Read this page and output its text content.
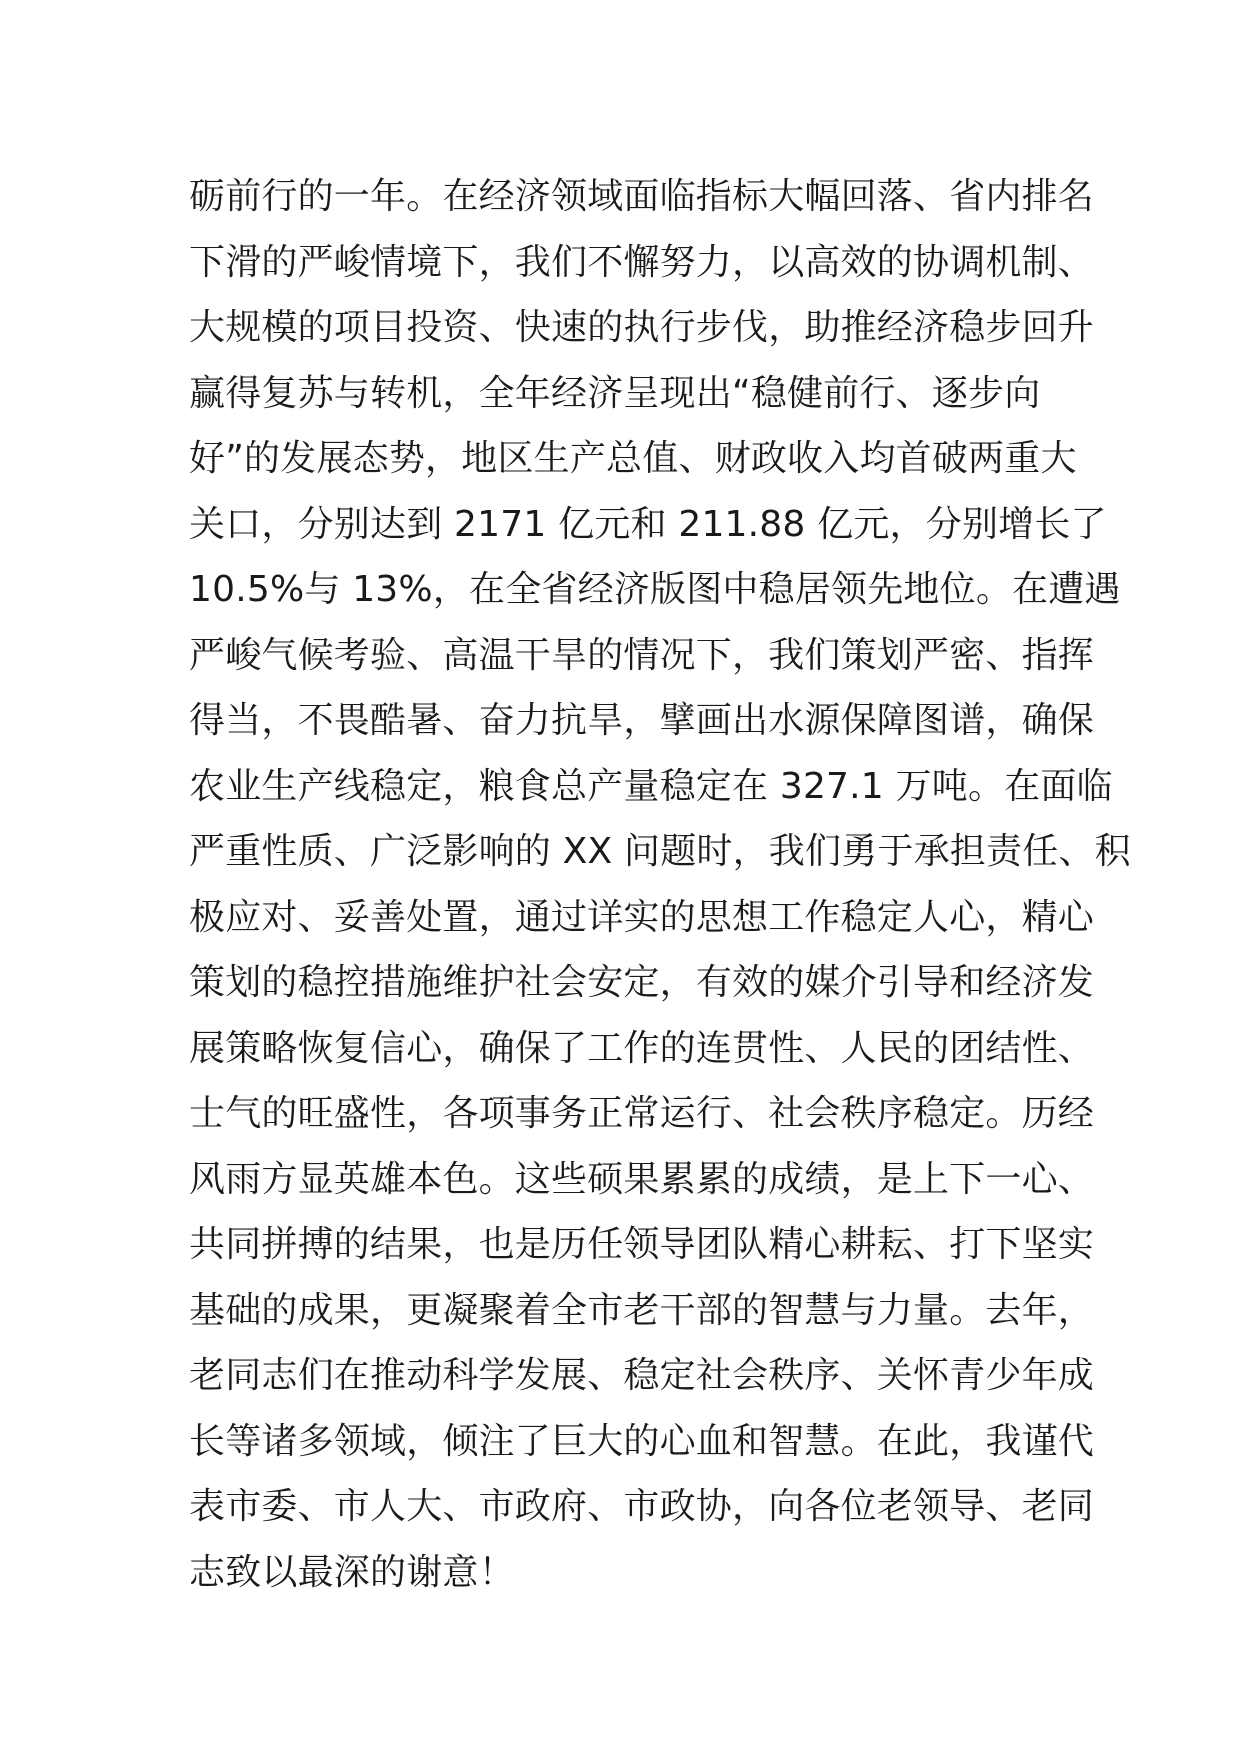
砺前行的一年。在经济领域面临指标大幅回落、省内排名
下滑的严峻情境下，我们不懈努力，以高效的协调机制、
大规模的项目投资、快速的执行步伐，助推经济稳步回升
赢得复苏与转机，全年经济呈现出“稳健前行、逐步向
好”的发展态势，地区生产总值、财政收入均首破两重大
关口，分别达到 2171 亿元和 211.88 亿元，分别增长了
10.5%与 13%，在全省经济版图中稳居领先地位。在遭遇
严峻气候考验、高温干旱的情况下，我们策划严密、指挥
得当，不畏酷暑、奋力抗旱，擘画出水源保障图谱，确保
农业生产线稳定，粮食总产量稳定在 327.1 万吨。在面临
严重性质、广泛影响的 XX 问题时，我们勇于承担责任、积
极应对、妥善处置，通过详实的思想工作稳定人心，精心
策划的稳控措施维护社会安定，有效的媒介引导和经济发
展策略恢复信心，确保了工作的连贯性、人民的团结性、
士气的旺盛性，各项事务正常运行、社会秩序稳定。历经
风雨方显英雄本色。这些硕果累累的成绩，是上下一心、
共同拼搏的结果，也是历任领导团队精心耕耘、打下坚实
基础的成果，更凝聚着全市老干部的智慧与力量。去年，
老同志们在推动科学发展、稳定社会秩序、关怀青少年成
长等诸多领域，倾注了巨大的心血和智慧。在此，我谨代
表市委、市人大、市政府、市政协，向各位老领导、老同
志致以最深的谢意！
